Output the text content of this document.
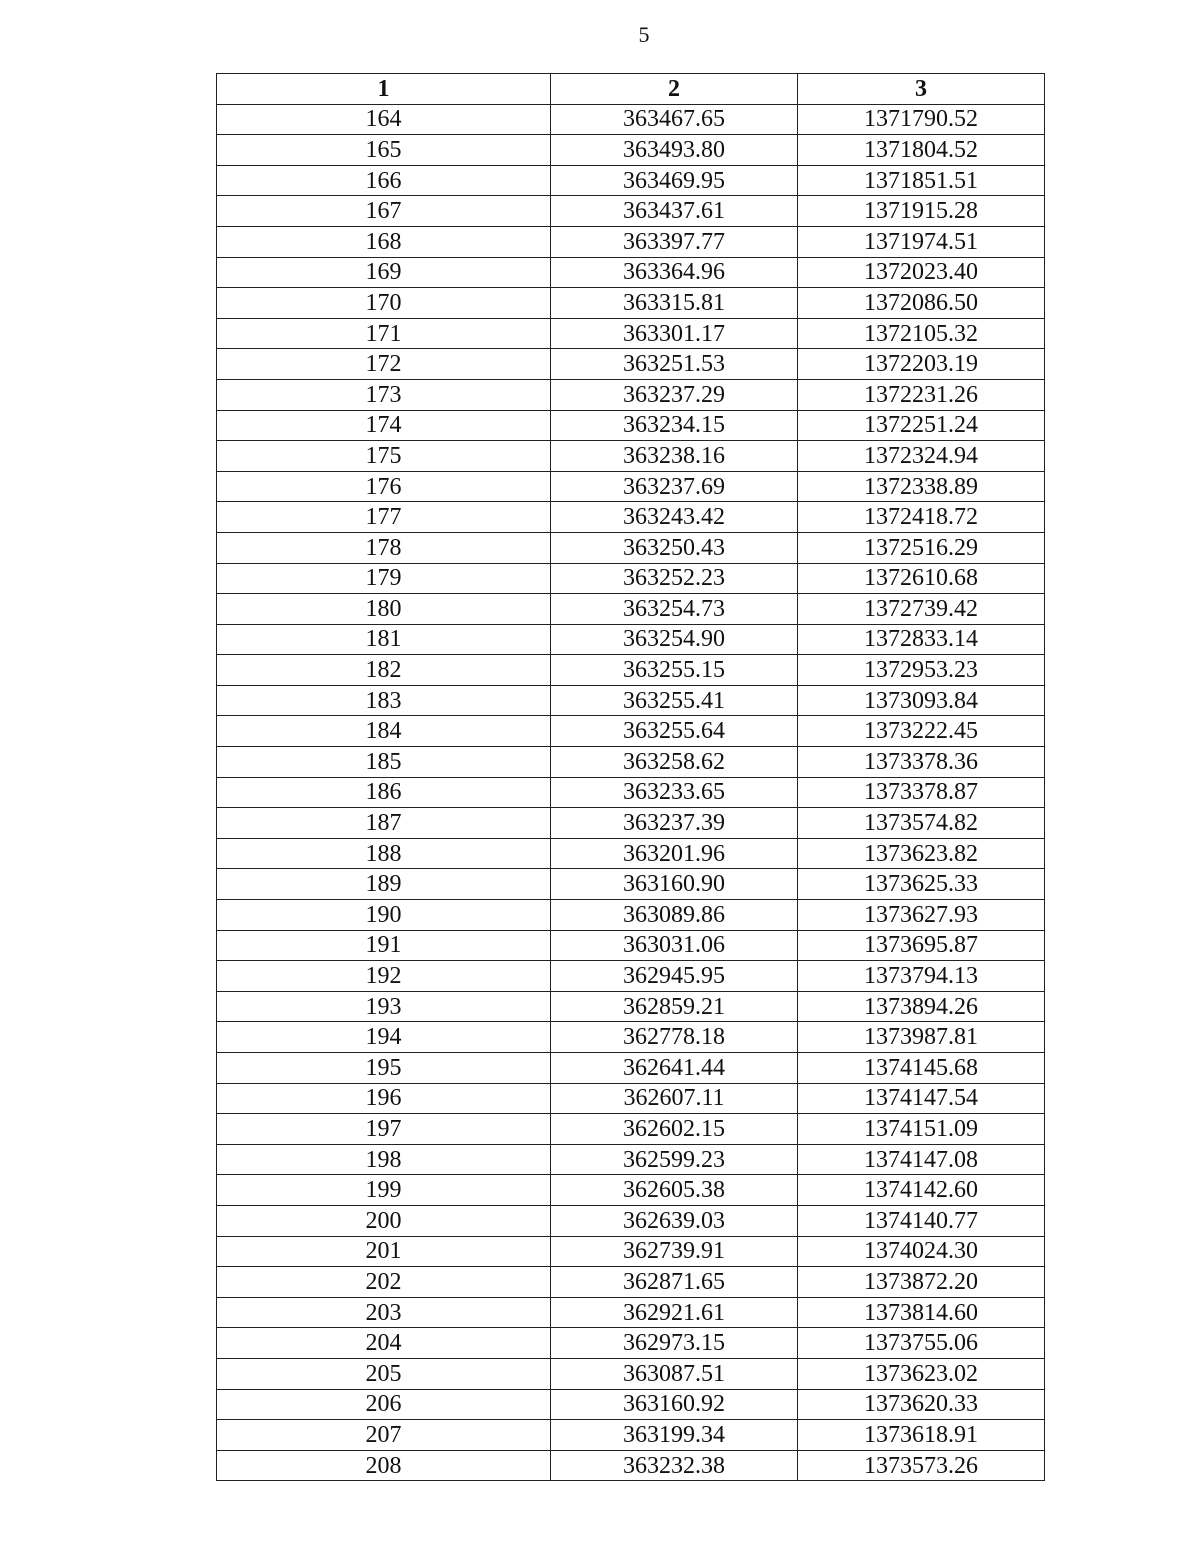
5
1	2	3
164	363467.65	1371790.52
165	363493.80	1371804.52
166	363469.95	1371851.51
167	363437.61	1371915.28
168	363397.77	1371974.51
169	363364.96	1372023.40
170	363315.81	1372086.50
171	363301.17	1372105.32
172	363251.53	1372203.19
173	363237.29	1372231.26
174	363234.15	1372251.24
175	363238.16	1372324.94
176	363237.69	1372338.89
177	363243.42	1372418.72
178	363250.43	1372516.29
179	363252.23	1372610.68
180	363254.73	1372739.42
181	363254.90	1372833.14
182	363255.15	1372953.23
183	363255.41	1373093.84
184	363255.64	1373222.45
185	363258.62	1373378.36
186	363233.65	1373378.87
187	363237.39	1373574.82
188	363201.96	1373623.82
189	363160.90	1373625.33
190	363089.86	1373627.93
191	363031.06	1373695.87
192	362945.95	1373794.13
193	362859.21	1373894.26
194	362778.18	1373987.81
195	362641.44	1374145.68
196	362607.11	1374147.54
197	362602.15	1374151.09
198	362599.23	1374147.08
199	362605.38	1374142.60
200	362639.03	1374140.77
201	362739.91	1374024.30
202	362871.65	1373872.20
203	362921.61	1373814.60
204	362973.15	1373755.06
205	363087.51	1373623.02
206	363160.92	1373620.33
207	363199.34	1373618.91
208	363232.38	1373573.26
